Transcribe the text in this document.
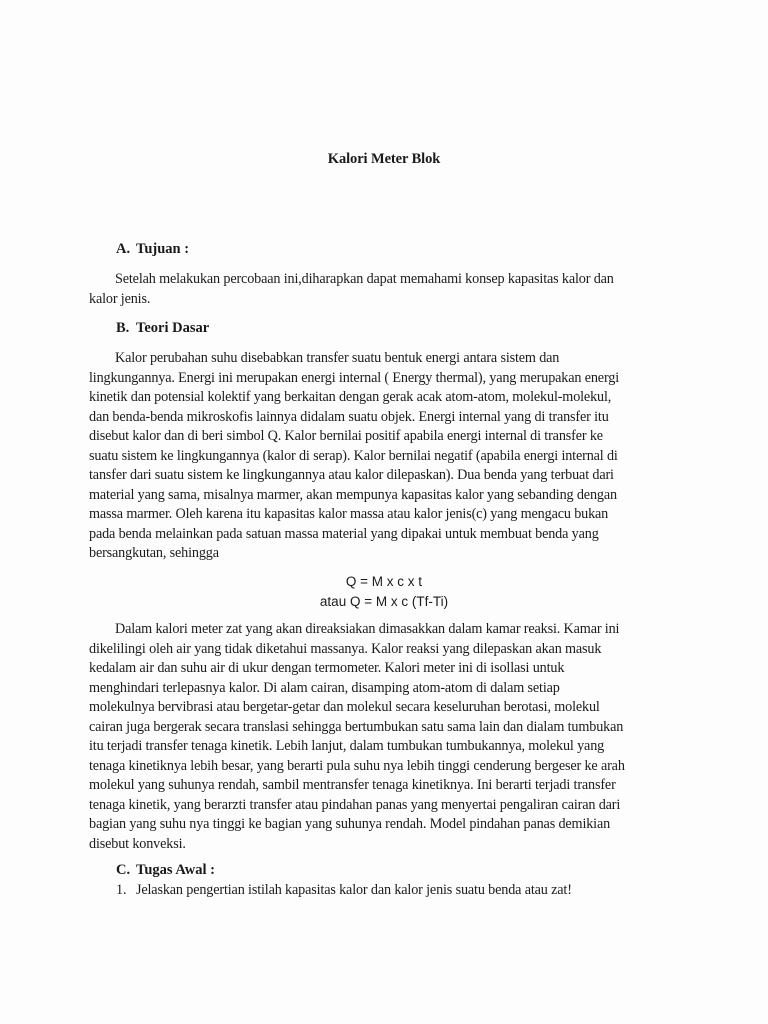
Kalori Meter Blok
A. Tujuan :
Setelah melakukan percobaan ini,diharapkan dapat memahami konsep kapasitas kalor dan
kalor jenis.
B. Teori Dasar
Kalor perubahan suhu disebabkan transfer suatu bentuk energi antara sistem dan
lingkungannya. Energi ini merupakan energi internal ( Energy thermal), yang merupakan energi
kinetik dan potensial kolektif yang berkaitan dengan gerak acak atom-atom, molekul-molekul,
dan benda-benda mikroskofis lainnya didalam suatu objek. Energi internal yang di transfer itu
disebut kalor dan di beri simbol Q. Kalor bernilai positif apabila energi internal di transfer ke
suatu sistem ke lingkungannya (kalor di serap). Kalor bernilai negatif (apabila energi internal di
tansfer dari suatu sistem ke lingkungannya atau kalor dilepaskan). Dua benda yang terbuat dari
material yang sama, misalnya marmer, akan mempunya kapasitas kalor yang sebanding dengan
massa marmer. Oleh karena itu kapasitas kalor massa atau kalor jenis(c) yang mengacu bukan
pada benda melainkan pada satuan massa material yang dipakai untuk membuat benda yang
bersangkutan, sehingga
Q = M x c x t
atau Q = M x c (Tf-Ti)
Dalam kalori meter zat yang akan direaksiakan dimasakkan dalam kamar reaksi. Kamar ini
dikelilingi oleh air yang tidak diketahui massanya. Kalor reaksi yang dilepaskan akan masuk
kedalam air dan suhu air di ukur dengan termometer. Kalori meter ini di isollasi untuk
menghindari terlepasnya kalor. Di alam cairan, disamping atom-atom di dalam setiap
molekulnya bervibrasi atau bergetar-getar dan molekul secara keseluruhan berotasi, molekul
cairan juga bergerak secara translasi sehingga bertumbukan satu sama lain dan dialam tumbukan
itu terjadi transfer tenaga kinetik. Lebih lanjut, dalam tumbukan tumbukannya, molekul yang
tenaga kinetiknya lebih besar, yang berarti pula suhu nya lebih tinggi cenderung bergeser ke arah
molekul yang suhunya rendah, sambil mentransfer tenaga kinetiknya. Ini berarti terjadi transfer
tenaga kinetik, yang berarzti transfer atau pindahan panas yang menyertai pengaliran cairan dari
bagian yang suhu nya tinggi ke bagian yang suhunya rendah. Model pindahan panas demikian
disebut konveksi.
C. Tugas Awal :
1. Jelaskan pengertian istilah kapasitas kalor dan kalor jenis suatu benda atau zat!
